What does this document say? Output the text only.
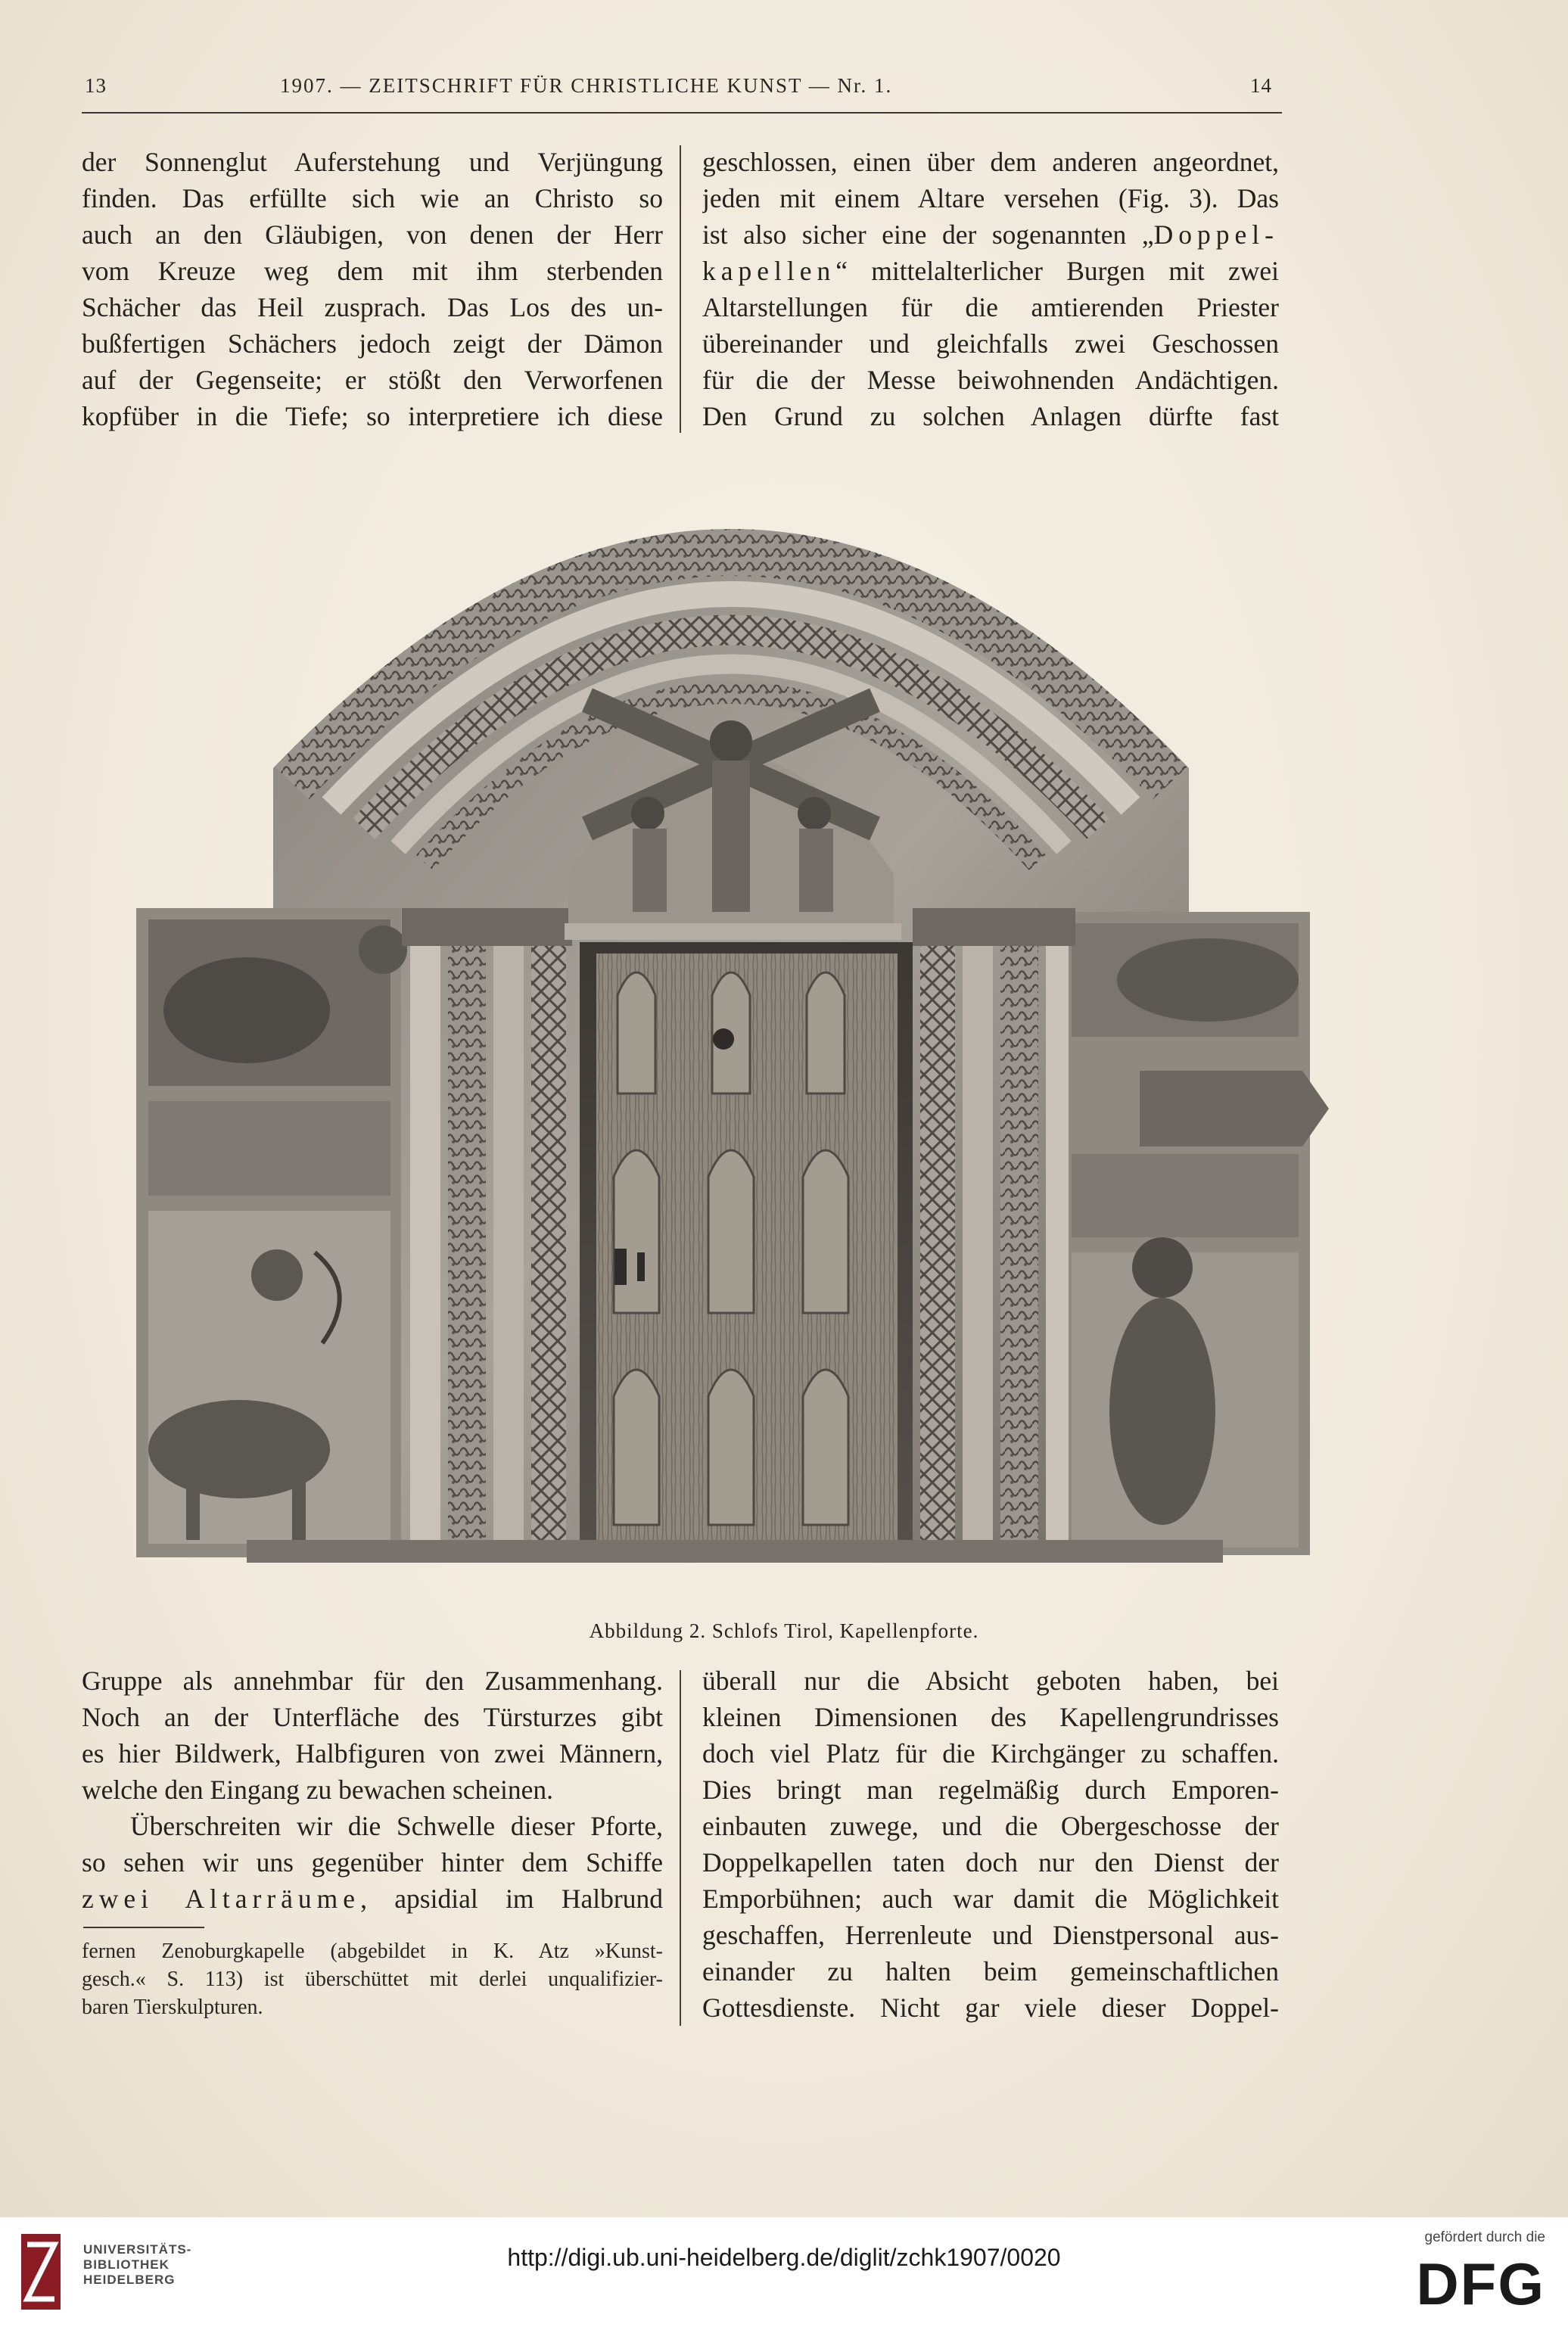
13	1907. — ZEITSCHRIFT FÜR CHRISTLICHE KUNST — Nr. 1.	14
der Sonnenglut Auferstehung und Verjüngung
finden. Das erfüllte sich wie an Christo so
auch an den Gläubigen, von denen der Herr
vom Kreuze weg dem mit ihm sterbenden
Schächer das Heil zusprach. Das Los des un-
bußfertigen Schächers jedoch zeigt der Dämon
auf der Gegenseite; er stößt den Verworfenen
kopfüber in die Tiefe; so interpretiere ich diese
geschlossen, einen über dem anderen angeordnet,
jeden mit einem Altare versehen (Fig. 3). Das
ist also sicher eine der sogenannten „Doppel-
kapellen“ mittelalterlicher Burgen mit zwei
Altarstellungen für die amtierenden Priester
übereinander und gleichfalls zwei Geschossen
für die der Messe beiwohnenden Andächtigen.
Den Grund zu solchen Anlagen dürfte fast
Abbildung 2. Schlofs Tirol, Kapellenpforte.
Gruppe als annehmbar für den Zusammenhang.
Noch an der Unterfläche des Türsturzes gibt
es hier Bildwerk, Halbfiguren von zwei Männern,
welche den Eingang zu bewachen scheinen.
Überschreiten wir die Schwelle dieser Pforte,
so sehen wir uns gegenüber hinter dem Schiffe
zwei Altarräume, apsidial im Halbrund
fernen Zenoburgkapelle (abgebildet in K. Atz »Kunst-
gesch.« S. 113) ist überschüttet mit derlei unqualifizier-
baren Tierskulpturen.
überall nur die Absicht geboten haben, bei
kleinen Dimensionen des Kapellengrundrisses
doch viel Platz für die Kirchgänger zu schaffen.
Dies bringt man regelmäßig durch Emporen-
einbauten zuwege, und die Obergeschosse der
Doppelkapellen taten doch nur den Dienst der
Emporbühnen; auch war damit die Möglichkeit
geschaffen, Herrenleute und Dienstpersonal aus-
einander zu halten beim gemeinschaftlichen
Gottesdienste. Nicht gar viele dieser Doppel-
UNIVERSITÄTS-
BIBLIOTHEK
HEIDELBERG
http://digi.ub.uni-heidelberg.de/diglit/zchk1907/0020
gefördert durch die
DFG
